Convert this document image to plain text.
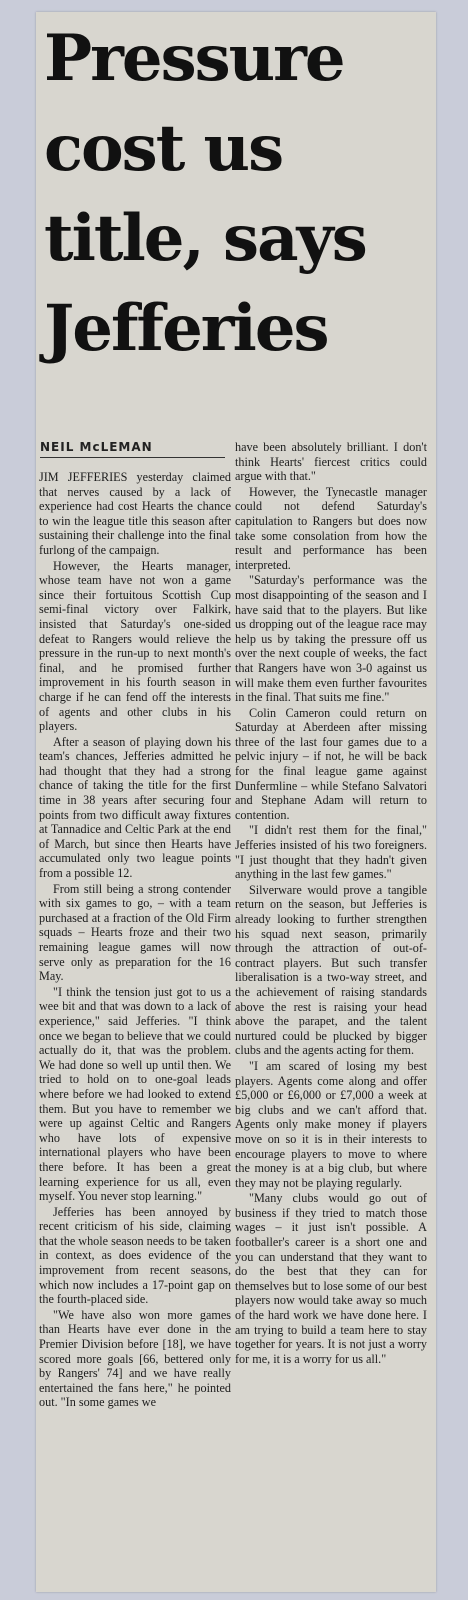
Pressure cost us title, says Jefferies
NEIL McLEMAN

JIM JEFFERIES yesterday claimed that nerves caused by a lack of experience had cost Hearts the chance to win the league title this season after sustaining their challenge into the final furlong of the campaign.

However, the Hearts manager, whose team have not won a game since their fortuitous Scottish Cup semi-final victory over Falkirk, insisted that Saturday's one-sided defeat to Rangers would relieve the pressure in the run-up to next month's final, and he promised further improvement in his fourth season in charge if he can fend off the interests of agents and other clubs in his players.

After a season of playing down his team's chances, Jefferies admitted he had thought that they had a strong chance of taking the title for the first time in 38 years after securing four points from two difficult away fixtures at Tannadice and Celtic Park at the end of March, but since then Hearts have accumulated only two league points from a possible 12.

From still being a strong contender with six games to go, – with a team purchased at a fraction of the Old Firm squads – Hearts froze and their two remaining league games will now serve only as preparation for the 16 May.

"I think the tension just got to us a wee bit and that was down to a lack of experience," said Jefferies. "I think once we began to believe that we could actually do it, that was the problem. We had done so well up until then. We tried to hold on to one-goal leads where before we had looked to extend them. But you have to remember we were up against Celtic and Rangers who have lots of expensive international players who have been there before. It has been a great learning experience for us all, even myself. You never stop learning."

Jefferies has been annoyed by recent criticism of his side, claiming that the whole season needs to be taken in context, as does evidence of the improvement from recent seasons, which now includes a 17-point gap on the fourth-placed side.

"We have also won more games than Hearts have ever done in the Premier Division before [18], we have scored more goals [66, bettered only by Rangers' 74] and we have really entertained the fans here," he pointed out. "In some games we

have been absolutely brilliant. I don't think Hearts' fiercest critics could argue with that."

However, the Tynecastle manager could not defend Saturday's capitulation to Rangers but does now take some consolation from how the result and performance has been interpreted.

"Saturday's performance was the most disappointing of the season and I have said that to the players. But like us dropping out of the league race may help us by taking the pressure off us over the next couple of weeks, the fact that Rangers have won 3-0 against us will make them even further favourites in the final. That suits me fine."

Colin Cameron could return on Saturday at Aberdeen after missing three of the last four games due to a pelvic injury – if not, he will be back for the final league game against Dunfermline – while Stefano Salvatori and Stephane Adam will return to contention.

"I didn't rest them for the final," Jefferies insisted of his two foreigners. "I just thought that they hadn't given anything in the last few games."

Silverware would prove a tangible return on the season, but Jefferies is already looking to further strengthen his squad next season, primarily through the attraction of out-of-contract players. But such transfer liberalisation is a two-way street, and the achievement of raising standards above the rest is raising your head above the parapet, and the talent nurtured could be plucked by bigger clubs and the agents acting for them.

"I am scared of losing my best players. Agents come along and offer £5,000 or £6,000 or £7,000 a week at big clubs and we can't afford that. Agents only make money if players move on so it is in their interests to encourage players to move to where the money is at a big club, but where they may not be playing regularly.

"Many clubs would go out of business if they tried to match those wages – it just isn't possible. A footballer's career is a short one and you can understand that they want to do the best that they can for themselves but to lose some of our best players now would take away so much of the hard work we have done here. I am trying to build a team here to stay together for years. It is not just a worry for me, it is a worry for us all."
